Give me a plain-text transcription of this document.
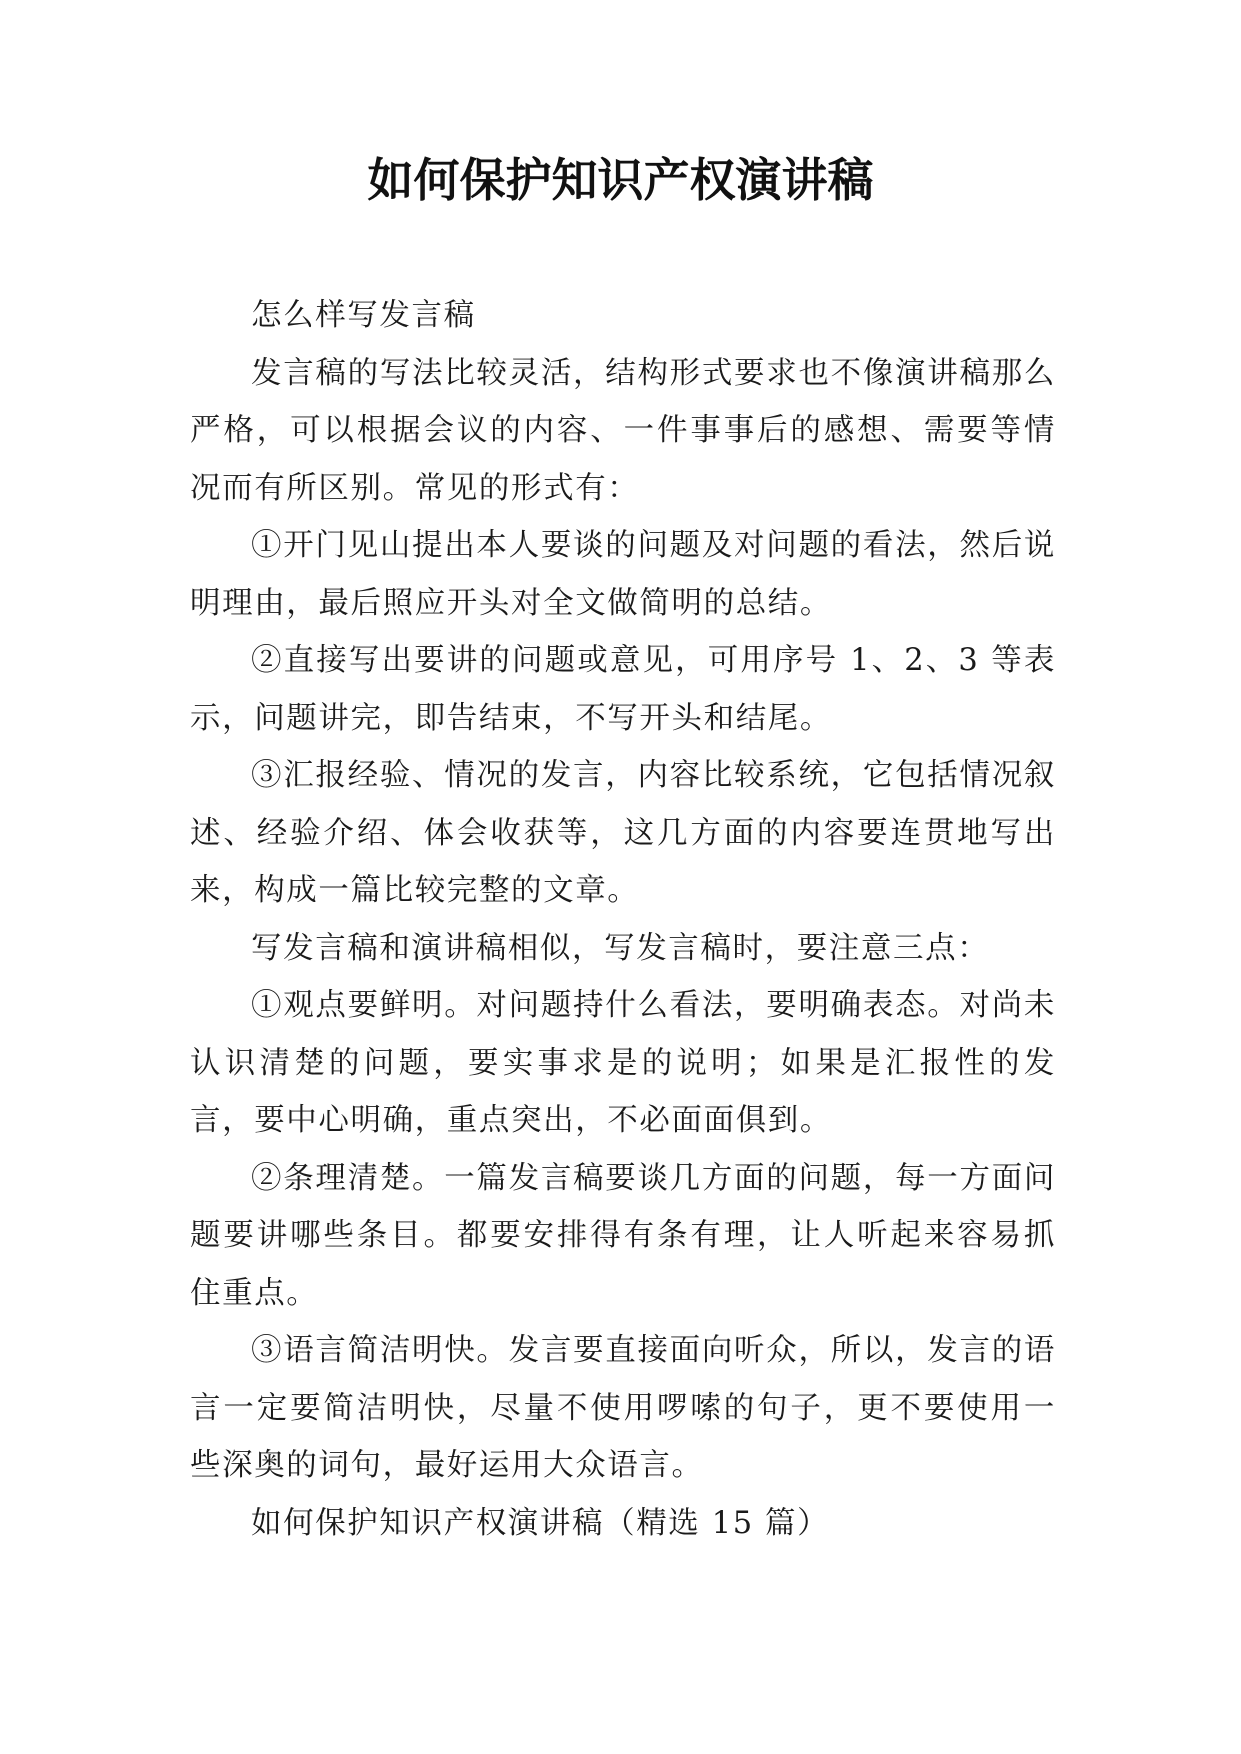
如何保护知识产权演讲稿

怎么样写发言稿

发言稿的写法比较灵活，结构形式要求也不像演讲稿那么严格，可以根据会议的内容、一件事事后的感想、需要等情况而有所区别。常见的形式有：

①开门见山提出本人要谈的问题及对问题的看法，然后说明理由，最后照应开头对全文做简明的总结。

②直接写出要讲的问题或意见，可用序号 1、2、3 等表示，问题讲完，即告结束，不写开头和结尾。

③汇报经验、情况的发言，内容比较系统，它包括情况叙述、经验介绍、体会收获等，这几方面的内容要连贯地写出来，构成一篇比较完整的文章。

写发言稿和演讲稿相似，写发言稿时，要注意三点：

①观点要鲜明。对问题持什么看法，要明确表态。对尚未认识清楚的问题，要实事求是的说明；如果是汇报性的发言，要中心明确，重点突出，不必面面俱到。

②条理清楚。一篇发言稿要谈几方面的问题，每一方面问题要讲哪些条目。都要安排得有条有理，让人听起来容易抓住重点。

③语言简洁明快。发言要直接面向听众，所以，发言的语言一定要简洁明快，尽量不使用啰嗦的句子，更不要使用一些深奥的词句，最好运用大众语言。

如何保护知识产权演讲稿（精选 15 篇）
